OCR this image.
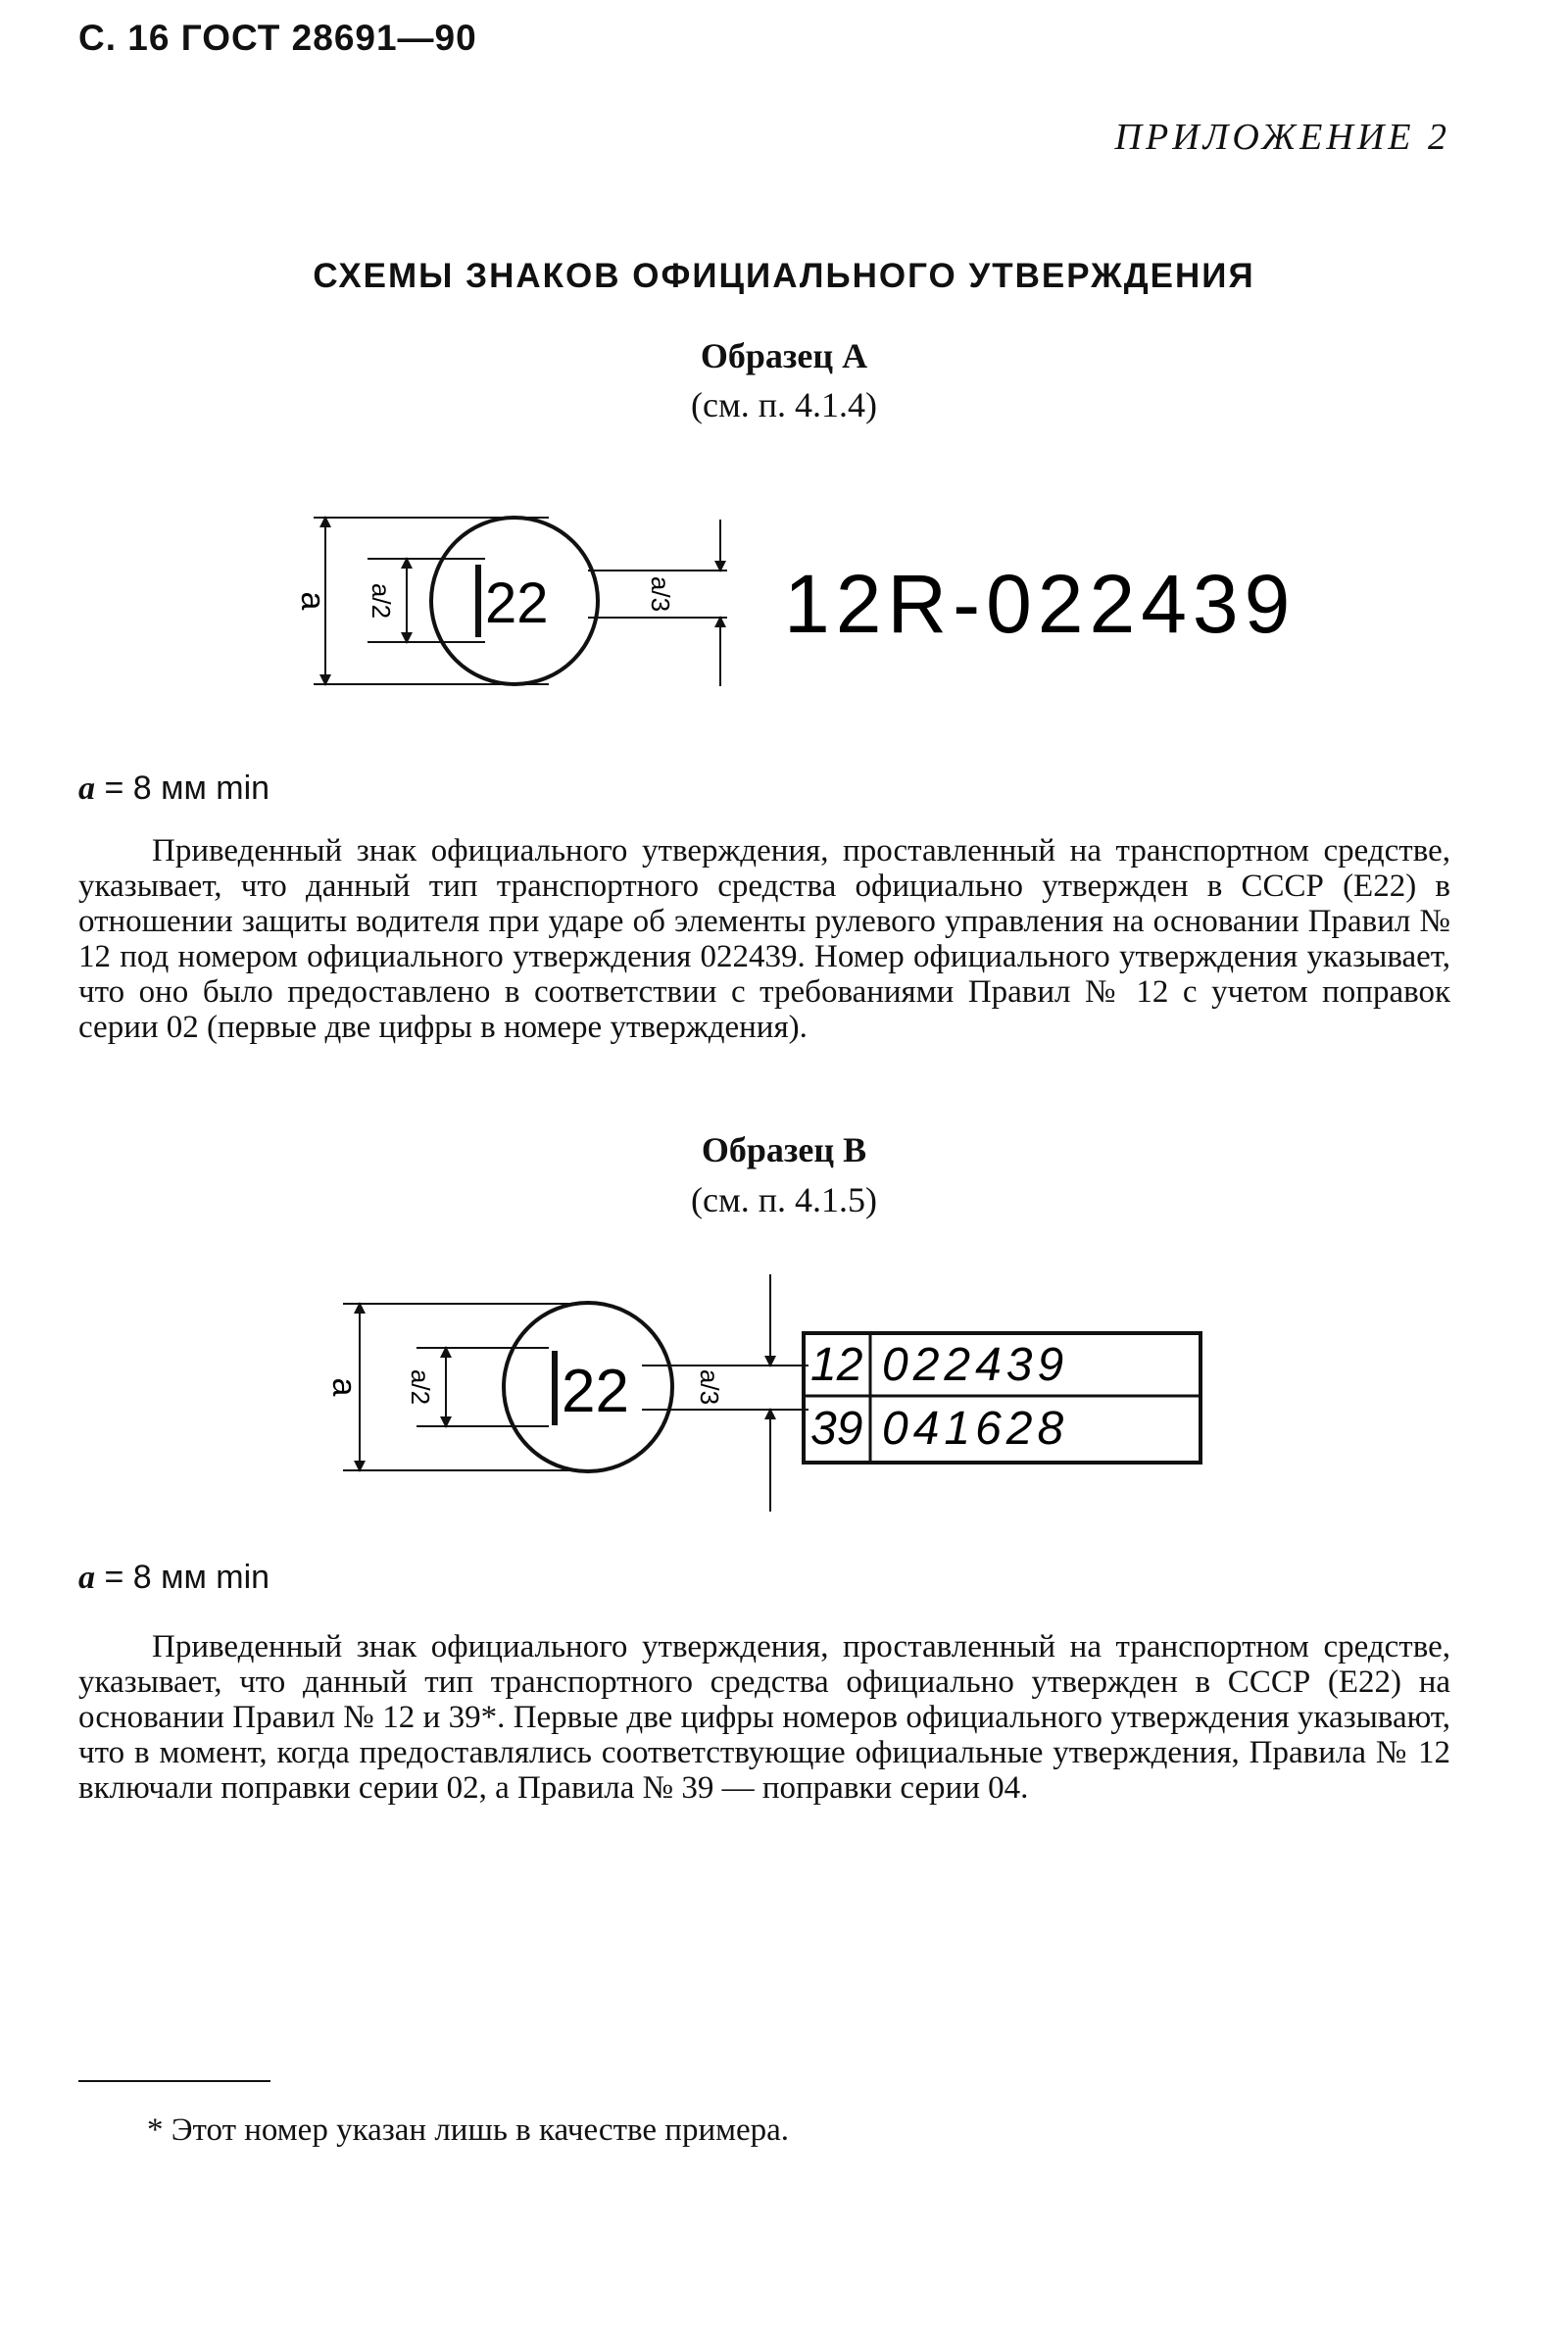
С. 16 ГОСТ 28691—90
ПРИЛОЖЕНИЕ 2
СХЕМЫ ЗНАКОВ ОФИЦИАЛЬНОГО УТВЕРЖДЕНИЯ
Образец А
(см. п. 4.1.4)
a a/2
  22	a/3 12R-022439
a = 8 мм min

Приведенный знак официального утверждения, проставленный на транспортном средстве, указывает, что данный тип транспортного средства официально утвержден в СССР (Е22) в отношении защиты водителя при ударе об элементы рулевого управления на основании Правил № 12 под номером официального утверждения 022439. Номер официального утверждения указывает, что оно было предоставлено в соответствии с требованиями Правил № 12 с учетом поправок серии 02 (первые две цифры в номере утверждения).

Образец В
(см. п. 4.1.5)
a a/2 22	a/3 12 022439
39 041628
a = 8 мм min

Приведенный знак официального утверждения, проставленный на транспортном средстве, указывает, что данный тип транспортного средства официально утвержден в СССР (Е22) на основании Правил № 12 и 39*. Первые две цифры номеров официального утверждения указывают, что в момент, когда предоставлялись соответствующие официальные утверждения, Правила № 12 включали поправки серии 02, а Правила № 39 — поправки серии 04.

* Этот номер указан лишь в качестве примера.
